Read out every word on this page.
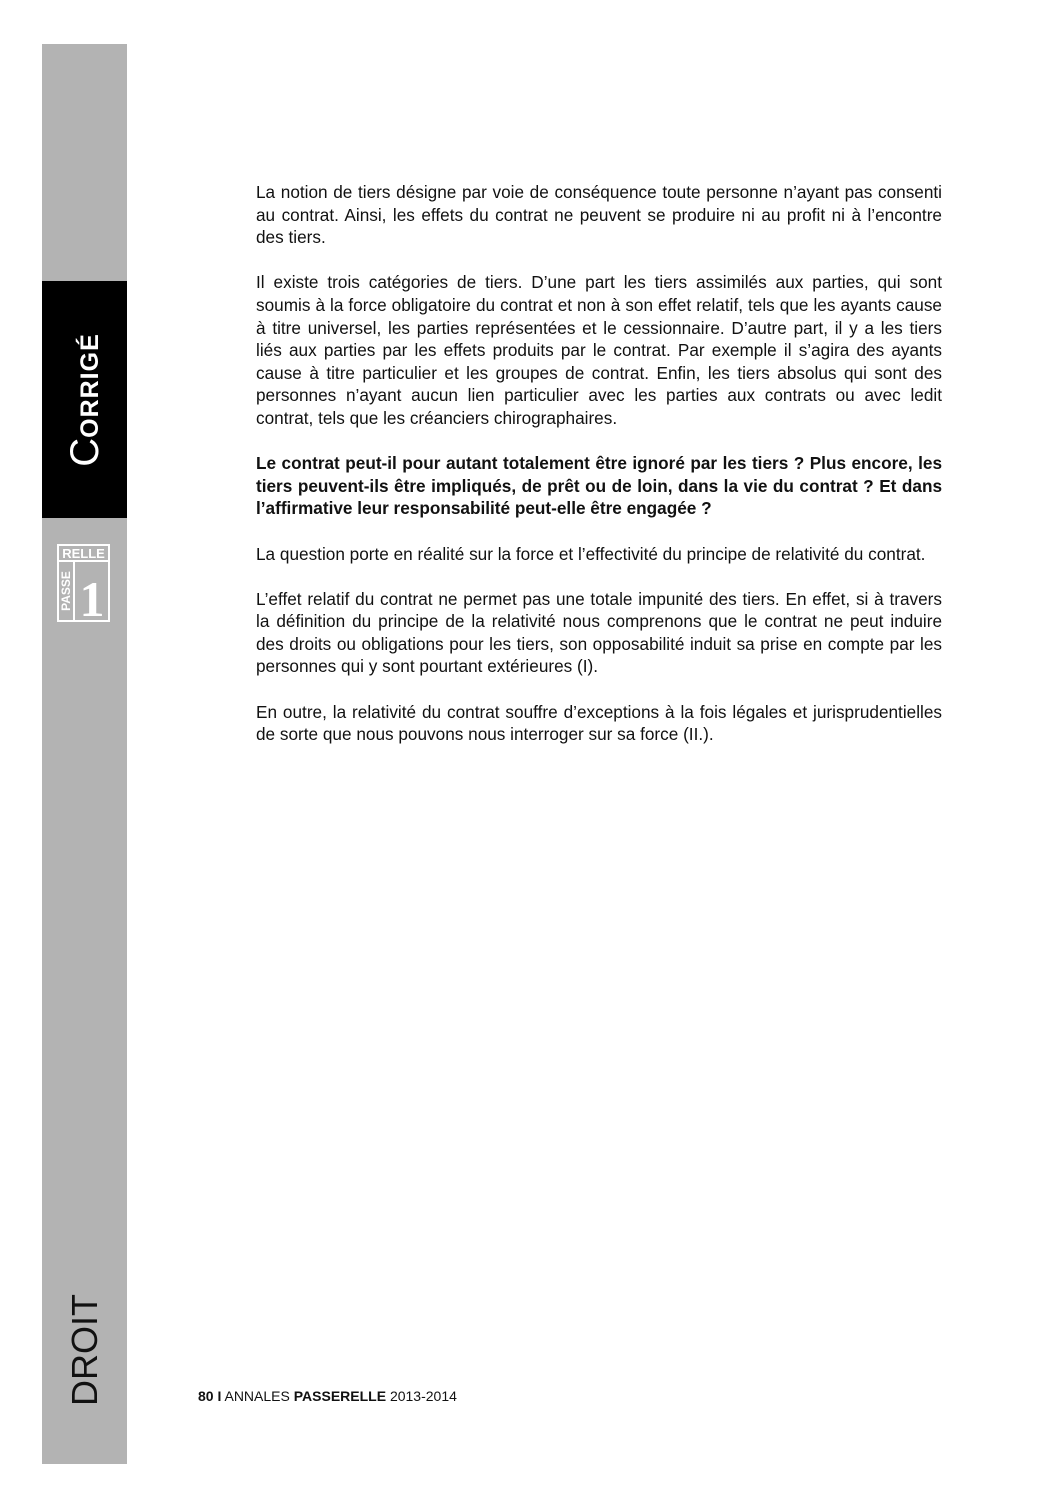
C
ORRIGÉ
RELLE
PASSE 1
DROIT

La notion de tiers désigne par voie de conséquence toute personne n’ayant pas consenti au contrat. Ainsi, les effets du contrat ne peuvent se produire ni au profit ni à l’encontre des tiers.

Il existe trois catégories de tiers. D’une part les tiers assimilés aux parties, qui sont soumis à la force obligatoire du contrat et non à son effet relatif, tels que les ayants cause à titre universel, les parties représentées et le cessionnaire. D’autre part, il y a les tiers liés aux parties par les effets produits par le contrat. Par exemple il s’agira des ayants cause à titre particulier et les groupes de contrat. Enfin, les tiers absolus qui sont des personnes n’ayant aucun lien particulier avec les parties aux contrats ou avec ledit contrat, tels que les créanciers chirographaires.

Le contrat peut-il pour autant totalement être ignoré par les tiers ? Plus encore, les tiers peuvent-ils être impliqués, de prêt ou de loin, dans la vie du contrat ? Et dans l’affirmative leur responsabilité peut-elle être engagée ?

La question porte en réalité sur la force et l’effectivité du principe de relativité du contrat.

L’effet relatif du contrat ne permet pas une totale impunité des tiers. En effet, si à travers la définition du principe de la relativité nous comprenons que le contrat ne peut induire des droits ou obligations pour les tiers, son opposabilité induit sa prise en compte par les personnes qui y sont pourtant extérieures (I).

En outre, la relativité du contrat souffre d’exceptions à la fois légales et jurisprudentielles de sorte que nous pouvons nous interroger sur sa force (II.).

80 I ANNALES PASSERELLE 2013-2014
